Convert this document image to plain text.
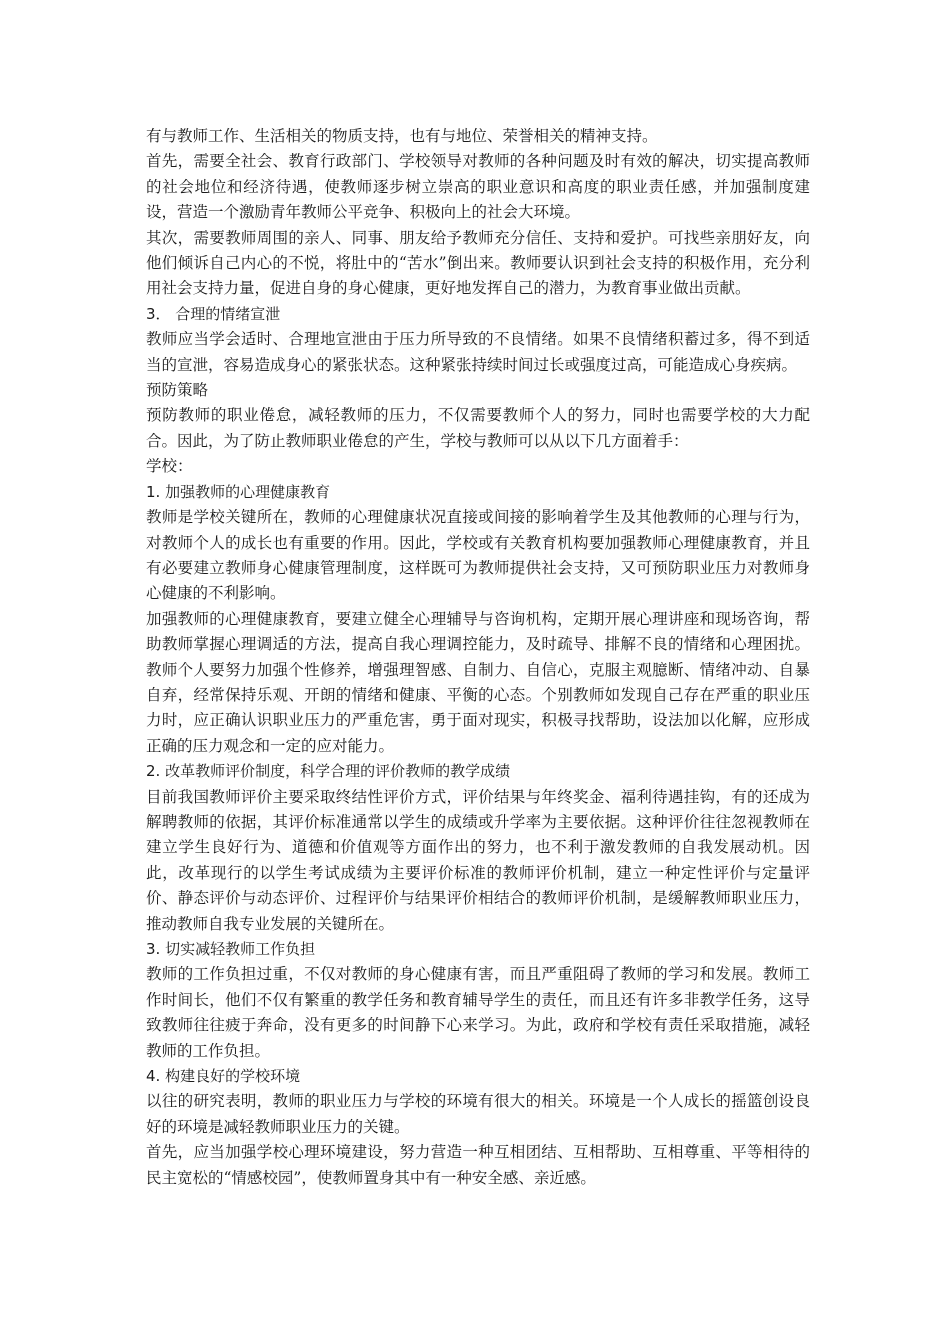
有与教师工作、生活相关的物质支持，也有与地位、荣誉相关的精神支持。

首先，需要全社会、教育行政部门、学校领导对教师的各种问题及时有效的解决，切实提高教师的社会地位和经济待遇，使教师逐步树立崇高的职业意识和高度的职业责任感，并加强制度建设，营造一个激励青年教师公平竞争、积极向上的社会大环境。

其次，需要教师周围的亲人、同事、朋友给予教师充分信任、支持和爱护。可找些亲朋好友，向他们倾诉自己内心的不悦，将肚中的“苦水”倒出来。教师要认识到社会支持的积极作用，充分利用社会支持力量，促进自身的身心健康，更好地发挥自己的潜力，为教育事业做出贡献。

3． 合理的情绪宣泄

教师应当学会适时、合理地宣泄由于压力所导致的不良情绪。如果不良情绪积蓄过多，得不到适当的宣泄，容易造成身心的紧张状态。这种紧张持续时间过长或强度过高，可能造成心身疾病。

预防策略

预防教师的职业倦怠，减轻教师的压力，不仅需要教师个人的努力，同时也需要学校的大力配合。因此，为了防止教师职业倦怠的产生，学校与教师可以从以下几方面着手：

学校：

1. 加强教师的心理健康教育

教师是学校关键所在，教师的心理健康状况直接或间接的影响着学生及其他教师的心理与行为，对教师个人的成长也有重要的作用。因此，学校或有关教育机构要加强教师心理健康教育，并且有必要建立教师身心健康管理制度，这样既可为教师提供社会支持，又可预防职业压力对教师身心健康的不利影响。

加强教师的心理健康教育，要建立健全心理辅导与咨询机构，定期开展心理讲座和现场咨询，帮助教师掌握心理调适的方法，提高自我心理调控能力，及时疏导、排解不良的情绪和心理困扰。教师个人要努力加强个性修养，增强理智感、自制力、自信心，克服主观臆断、情绪冲动、自暴自弃，经常保持乐观、开朗的情绪和健康、平衡的心态。个别教师如发现自己存在严重的职业压力时，应正确认识职业压力的严重危害，勇于面对现实，积极寻找帮助，设法加以化解，应形成正确的压力观念和一定的应对能力。

2. 改革教师评价制度，科学合理的评价教师的教学成绩

目前我国教师评价主要采取终结性评价方式，评价结果与年终奖金、福利待遇挂钩，有的还成为解聘教师的依据，其评价标准通常以学生的成绩或升学率为主要依据。这种评价往往忽视教师在建立学生良好行为、道德和价值观等方面作出的努力，也不利于激发教师的自我发展动机。因此，改革现行的以学生考试成绩为主要评价标准的教师评价机制，建立一种定性评价与定量评价、静态评价与动态评价、过程评价与结果评价相结合的教师评价机制，是缓解教师职业压力，推动教师自我专业发展的关键所在。

3. 切实减轻教师工作负担

教师的工作负担过重，不仅对教师的身心健康有害，而且严重阻碍了教师的学习和发展。教师工作时间长，他们不仅有繁重的教学任务和教育辅导学生的责任，而且还有许多非教学任务，这导致教师往往疲于奔命，没有更多的时间静下心来学习。为此，政府和学校有责任采取措施，减轻教师的工作负担。

4. 构建良好的学校环境

以往的研究表明，教师的职业压力与学校的环境有很大的相关。环境是一个人成长的摇篮创设良好的环境是减轻教师职业压力的关键。

首先，应当加强学校心理环境建设，努力营造一种互相团结、互相帮助、互相尊重、平等相待的民主宽松的“情感校园”，使教师置身其中有一种安全感、亲近感。
